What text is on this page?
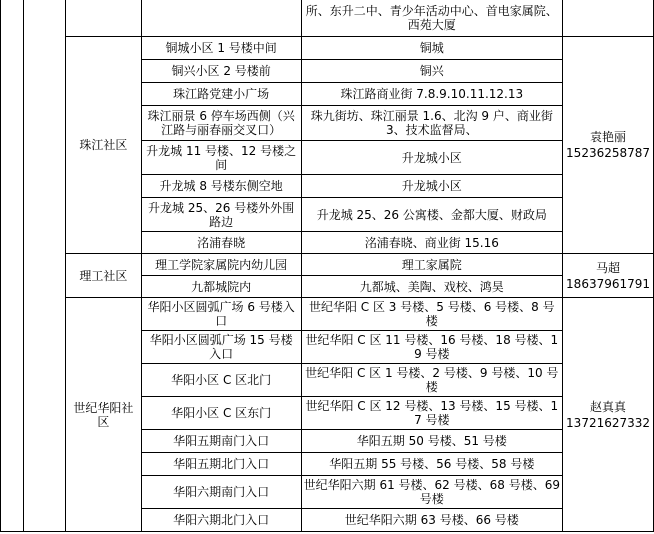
				所、东升二中、青少年活动中心、首电家属院、西苑大厦	
		珠江社区	铜城小区 1 号楼中间	铜城	袁艳丽
15236258787

			铜兴小区 2 号楼前	铜兴	
			珠江路党建小广场	珠江路商业街 7.8.9.10.11.12.13	
			珠江丽景 6 停车场西侧（兴江路与丽春丽交叉口）	珠九街坊、珠江丽景 1.6、北沟 9 户、商业街 3、技术监督局、	
			升龙城 11 号楼、12 号楼之间	升龙城小区	
			升龙城 8 号楼东侧空地	升龙城小区	
			升龙城 25、26 号楼外外围路边	升龙城 25、26 公寓楼、金都大厦、财政局	
			洺浦春晓	洺浦春晓、商业街 15.16	
		理工社区	理工学院家属院内幼儿园	理工家属院	马超
18637961791

			九都城院内	九都城、美陶、戏校、鸿昊	
		世纪华阳社区	华阳小区圆弧广场 6 号楼入口	世纪华阳 C 区 3 号楼、5 号楼、6 号楼、8 号楼	赵真真
13721627332

			华阳小区圆弧广场 15 号楼入口	世纪华阳 C 区 11 号楼、16 号楼、18 号楼、19 号楼	
			华阳小区 C 区北门	世纪华阳 C 区 1 号楼、2 号楼、9 号楼、10 号楼	
			华阳小区 C 区东门	世纪华阳 C 区 12 号楼、13 号楼、15 号楼、17 号楼	
			华阳五期南门入口	华阳五期 50 号楼、51 号楼	
			华阳五期北门入口	华阳五期 55 号楼、56 号楼、58 号楼	
			华阳六期南门入口	世纪华阳六期 61 号楼、62 号楼、68 号楼、69 号楼	
			华阳六期北门入口	世纪华阳六期 63 号楼、66 号楼	
